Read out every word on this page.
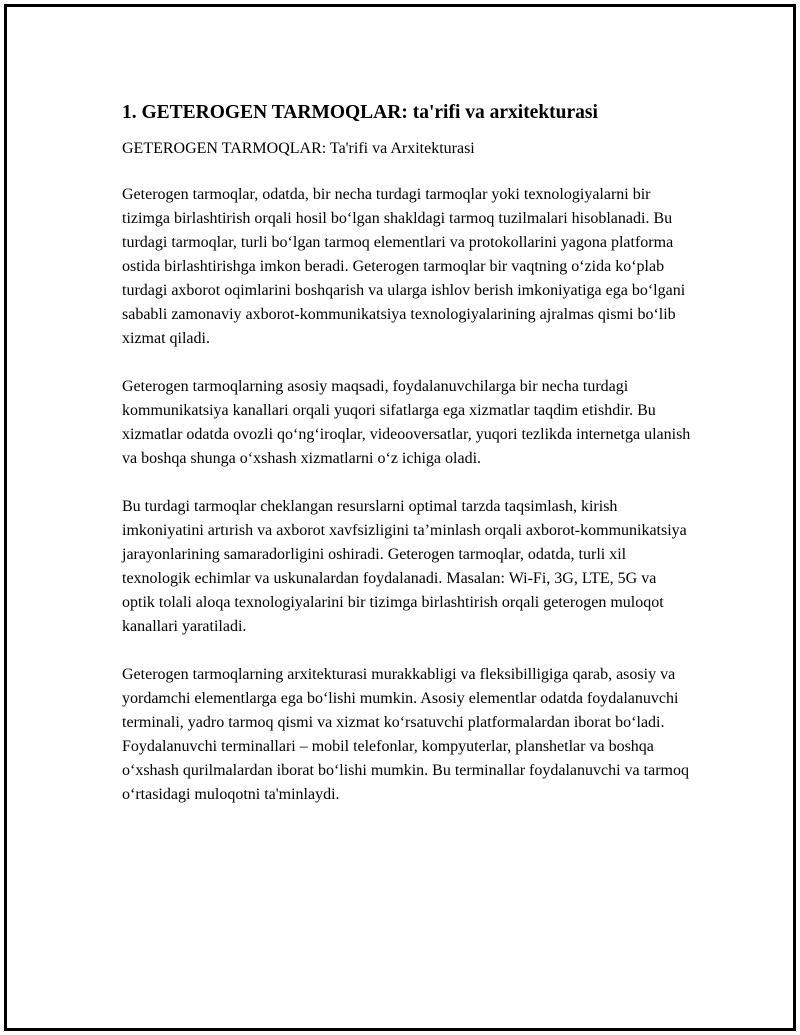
1. GETEROGEN TARMOQLAR: ta'rifi va arxitekturasi

GETEROGEN TARMOQLAR: Ta'rifi va Arxitekturasi

Geterogen tarmoqlar, odatda, bir necha turdagi tarmoqlar yoki texnologiyalarni bir tizimga birlashtirish orqali hosil bo‘lgan shakldagi tarmoq tuzilmalari hisoblanadi. Bu turdagi tarmoqlar, turli bo‘lgan tarmoq elementlari va protokollarini yagona platforma ostida birlashtirishga imkon beradi. Geterogen tarmoqlar bir vaqtning o‘zida ko‘plab turdagi axborot oqimlarini boshqarish va ularga ishlov berish imkoniyatiga ega bo‘lgani sababli zamonaviy axborot-kommunikatsiya texnologiyalarining ajralmas qismi bo‘lib xizmat qiladi.

Geterogen tarmoqlarning asosiy maqsadi, foydalanuvchilarga bir necha turdagi kommunikatsiya kanallari orqali yuqori sifatlarga ega xizmatlar taqdim etishdir. Bu xizmatlar odatda ovozli qo‘ng‘iroqlar, videooversatlar, yuqori tezlikda internetga ulanish va boshqa shunga o‘xshash xizmatlarni o‘z ichiga oladi.

Bu turdagi tarmoqlar cheklangan resurslarni optimal tarzda taqsimlash, kirish imkoniyatini artırish va axborot xavfsizligini ta’minlash orqali axborot-kommunikatsiya jarayonlarining samaradorligini oshiradi. Geterogen tarmoqlar, odatda, turli xil texnologik echimlar va uskunalardan foydalanadi. Masalan: Wi-Fi, 3G, LTE, 5G va optik tolali aloqa texnologiyalarini bir tizimga birlashtirish orqali geterogen muloqot kanallari yaratiladi.

Geterogen tarmoqlarning arxitekturasi murakkabligi va fleksibilligiga qarab, asosiy va yordamchi elementlarga ega bo‘lishi mumkin. Asosiy elementlar odatda foydalanuvchi terminali, yadro tarmoq qismi va xizmat ko‘rsatuvchi platformalardan iborat bo‘ladi. Foydalanuvchi terminallari – mobil telefonlar, kompyuterlar, planshetlar va boshqa o‘xshash qurilmalardan iborat bo‘lishi mumkin. Bu terminallar foydalanuvchi va tarmoq o‘rtasidagi muloqotni ta'minlaydi.
